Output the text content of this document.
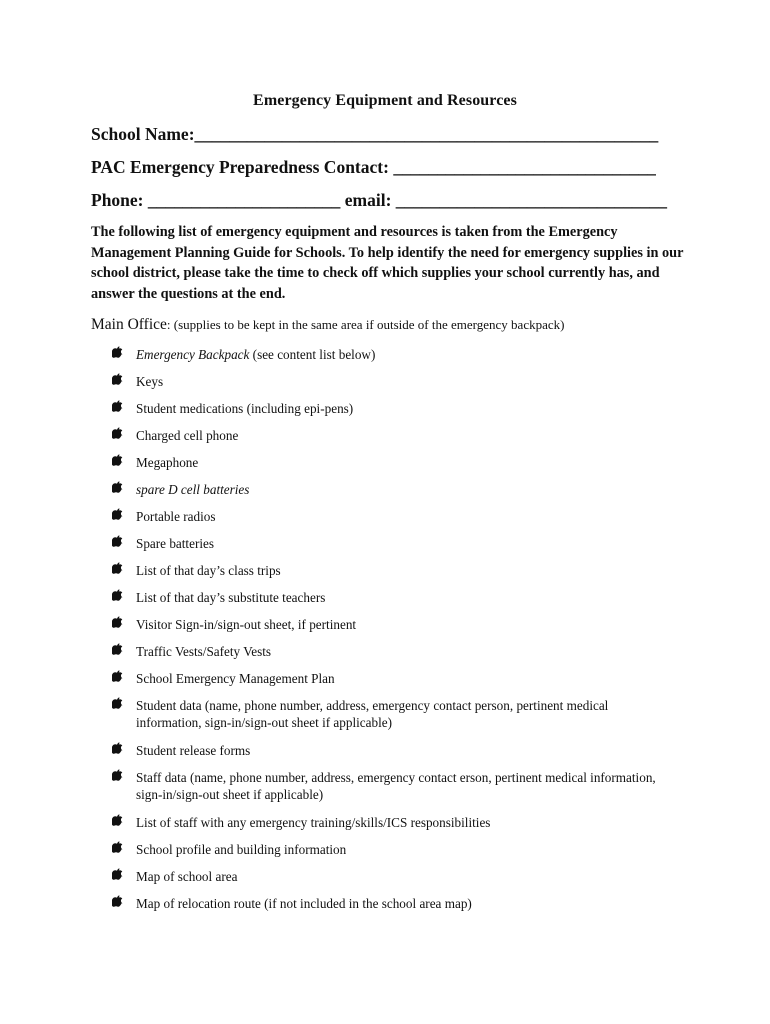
Emergency Equipment and Resources
School Name:_____________________________________________________
PAC Emergency Preparedness Contact: ______________________________
Phone: ______________________ email: _______________________________
The following list of emergency equipment and resources is taken from the Emergency Management Planning Guide for Schools. To help identify the need for emergency supplies in our school district, please take the time to check off which supplies your school currently has, and answer the questions at the end.
Main Office: (supplies to be kept in the same area if outside of the emergency backpack)
Emergency Backpack (see content list below)
Keys
Student medications (including epi-pens)
Charged cell phone
Megaphone
spare D cell batteries
Portable radios
Spare batteries
List of that day’s class trips
List of that day’s substitute teachers
Visitor Sign-in/sign-out sheet, if pertinent
Traffic Vests/Safety Vests
School Emergency Management Plan
Student data (name, phone number, address, emergency contact person, pertinent medical information, sign-in/sign-out sheet if applicable)
Student release forms
Staff data (name, phone number, address, emergency contact erson, pertinent medical information, sign-in/sign-out sheet if applicable)
List of staff with any emergency training/skills/ICS responsibilities
School profile and building information
Map of school area
Map of relocation route (if not included in the school area map)
